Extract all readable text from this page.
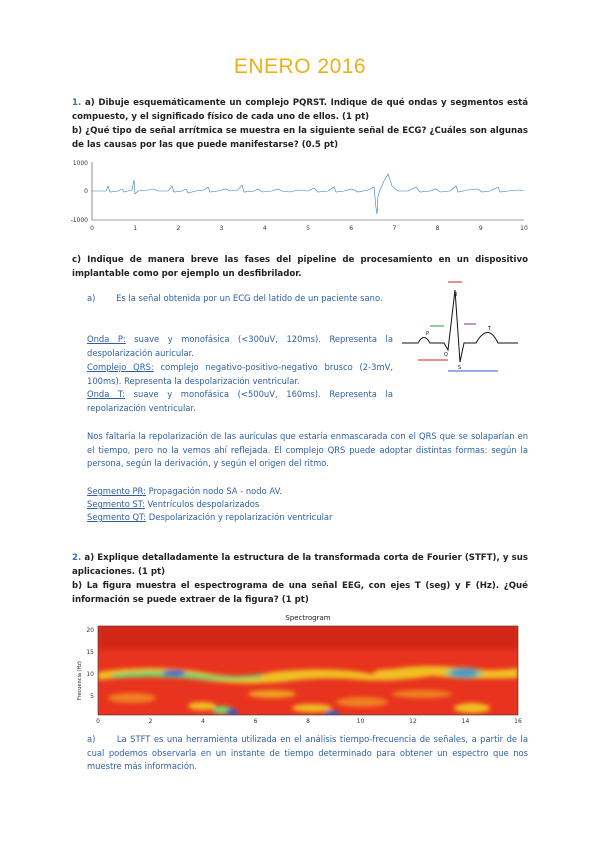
ENERO 2016
1. a) Dibuje esquemáticamente un complejo PQRST. Indique de qué ondas y segmentos está compuesto, y el significado físico de cada uno de ellos. (1 pt)
b) ¿Qué tipo de señal arrítmica se muestra en la siguiente señal de ECG? ¿Cuáles son algunas de las causas por las que puede manifestarse? (0.5 pt)
1000
0
-1000
0	1	2	3	4	5	6	7	8	9	10
c) Indique de manera breve las fases del pipeline de procesamiento en un dispositivo implantable como por ejemplo un desfibrilador.
a) Es la señal obtenida por un ECG del latido de un paciente sano.
Onda P: suave y monofásica (<300uV, 120ms). Representa la despolarización auricular.
Complejo QRS: complejo negativo-positivo-negativo brusco (2-3mV, 100ms). Representa la despolarización ventricular.
Onda T: suave y monofásica (<500uV, 160ms). Representa la repolarización ventricular.
P
Q
R
S
T
Nos faltaría la repolarización de las aurículas que estaría enmascarada con el QRS que se solaparían en el tiempo, pero no la vemos ahí reflejada. El complejo QRS puede adoptar distintas formas: según la persona, según la derivación, y según el origen del ritmo.
Segmento PR: Propagación nodo SA - nodo AV.
Segmento ST: Ventrículos despolarizados
Segmento QT: Despolarización y repolarización ventricular
2. a) Explique detalladamente la estructura de la transformada corta de Fourier (STFT), y sus aplicaciones. (1 pt)
b) La figura muestra el espectrograma de una señal EEG, con ejes T (seg) y F (Hz). ¿Qué información se puede extraer de la figura? (1 pt)
Spectrogram
Frecuencia (Hz)
20
15
10
5
0	2	4	6	8	10	12	14	16
a)	La STFT es una herramienta utilizada en el análisis tiempo-frecuencia de señales, a partir de la cual podemos observarla en un instante de tiempo determinado para obtener un espectro que nos muestre más información.
